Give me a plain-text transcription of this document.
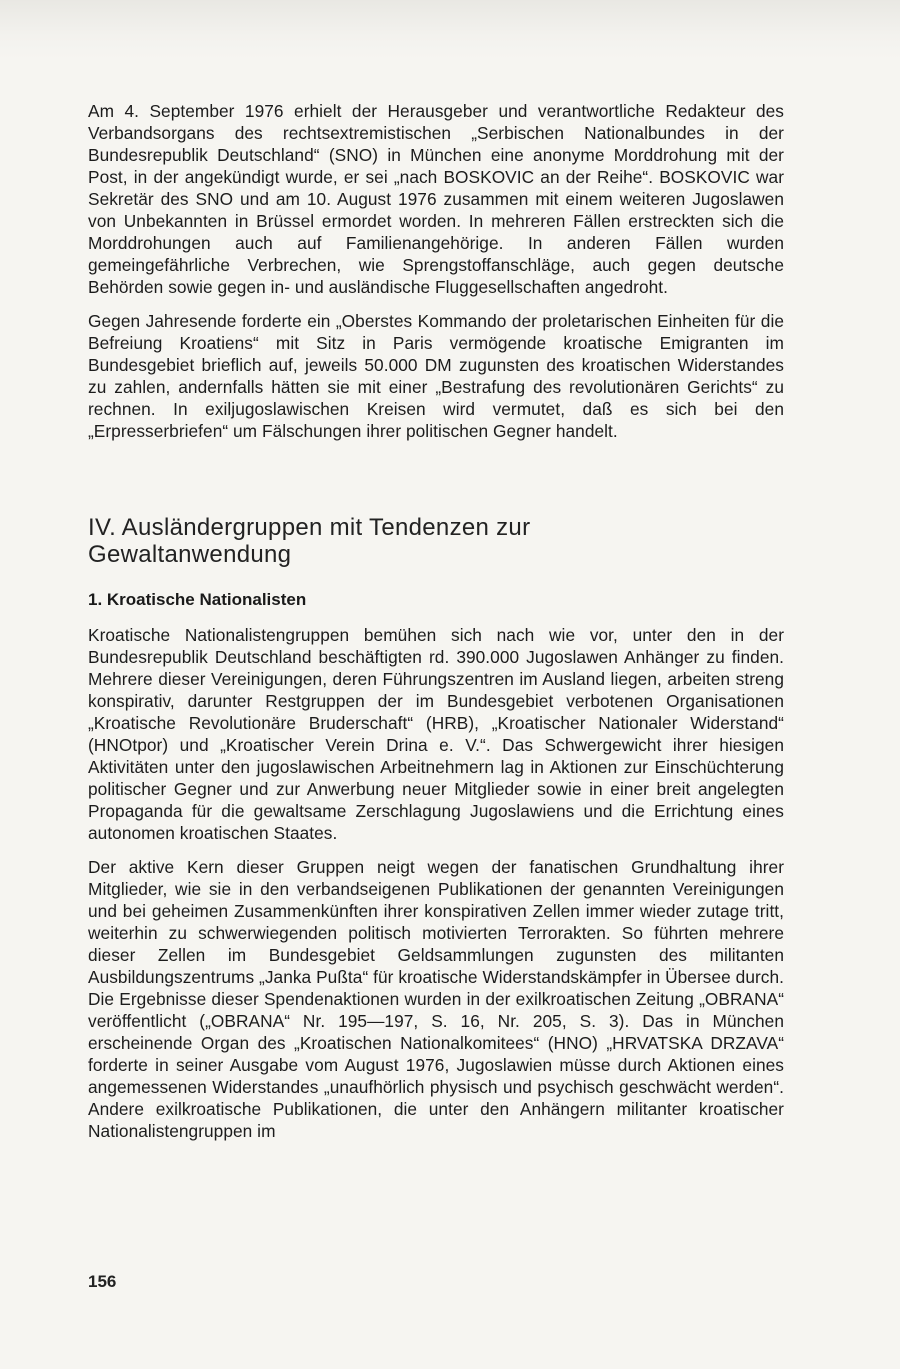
Am 4. September 1976 erhielt der Herausgeber und verantwortliche Redakteur des Verbandsorgans des rechtsextremistischen „Serbischen Nationalbundes in der Bundesrepublik Deutschland“ (SNO) in München eine anonyme Morddrohung mit der Post, in der angekündigt wurde, er sei „nach BOSKOVIC an der Reihe“. BOSKOVIC war Sekretär des SNO und am 10. August 1976 zusammen mit einem weiteren Jugoslawen von Unbekannten in Brüssel ermordet worden. In mehreren Fällen erstreckten sich die Morddrohungen auch auf Familienangehörige. In anderen Fällen wurden gemeingefährliche Verbrechen, wie Sprengstoffanschläge, auch gegen deutsche Behörden sowie gegen in- und ausländische Fluggesellschaften angedroht.

Gegen Jahresende forderte ein „Oberstes Kommando der proletarischen Einheiten für die Befreiung Kroatiens“ mit Sitz in Paris vermögende kroatische Emigranten im Bundesgebiet brieflich auf, jeweils 50.000 DM zugunsten des kroatischen Widerstandes zu zahlen, andernfalls hätten sie mit einer „Bestrafung des revolutionären Gerichts“ zu rechnen. In exiljugoslawischen Kreisen wird vermutet, daß es sich bei den „Erpresserbriefen“ um Fälschungen ihrer politischen Gegner handelt.

IV. Ausländergruppen mit Tendenzen zur
Gewaltanwendung
1. Kroatische Nationalisten

Kroatische Nationalistengruppen bemühen sich nach wie vor, unter den in der Bundesrepublik Deutschland beschäftigten rd. 390.000 Jugoslawen Anhänger zu finden. Mehrere dieser Vereinigungen, deren Führungszentren im Ausland liegen, arbeiten streng konspirativ, darunter Restgruppen der im Bundesgebiet verbotenen Organisationen „Kroatische Revolutionäre Bruderschaft“ (HRB), „Kroatischer Nationaler Widerstand“ (HNOtpor) und „Kroatischer Verein Drina e. V.“. Das Schwergewicht ihrer hiesigen Aktivitäten unter den jugoslawischen Arbeitnehmern lag in Aktionen zur Einschüchterung politischer Gegner und zur Anwerbung neuer Mitglieder sowie in einer breit angelegten Propaganda für die gewaltsame Zerschlagung Jugoslawiens und die Errichtung eines autonomen kroatischen Staates.

Der aktive Kern dieser Gruppen neigt wegen der fanatischen Grundhaltung ihrer Mitglieder, wie sie in den verbandseigenen Publikationen der genannten Vereinigungen und bei geheimen Zusammenkünften ihrer konspirativen Zellen immer wieder zutage tritt, weiterhin zu schwerwiegenden politisch motivierten Terrorakten. So führten mehrere dieser Zellen im Bundesgebiet Geldsammlungen zugunsten des militanten Ausbildungszentrums „Janka Pußta“ für kroatische Widerstandskämpfer in Übersee durch. Die Ergebnisse dieser Spendenaktionen wurden in der exilkroatischen Zeitung „OBRANA“ veröffentlicht („OBRANA“ Nr. 195—197, S. 16, Nr. 205, S. 3). Das in München erscheinende Organ des „Kroatischen Nationalkomitees“ (HNO) „HRVATSKA DRZAVA“ forderte in seiner Ausgabe vom August 1976, Jugoslawien müsse durch Aktionen eines angemessenen Widerstandes „unaufhörlich physisch und psychisch geschwächt werden“. Andere exilkroatische Publikationen, die unter den Anhängern militanter kroatischer Nationalistengruppen im

156
